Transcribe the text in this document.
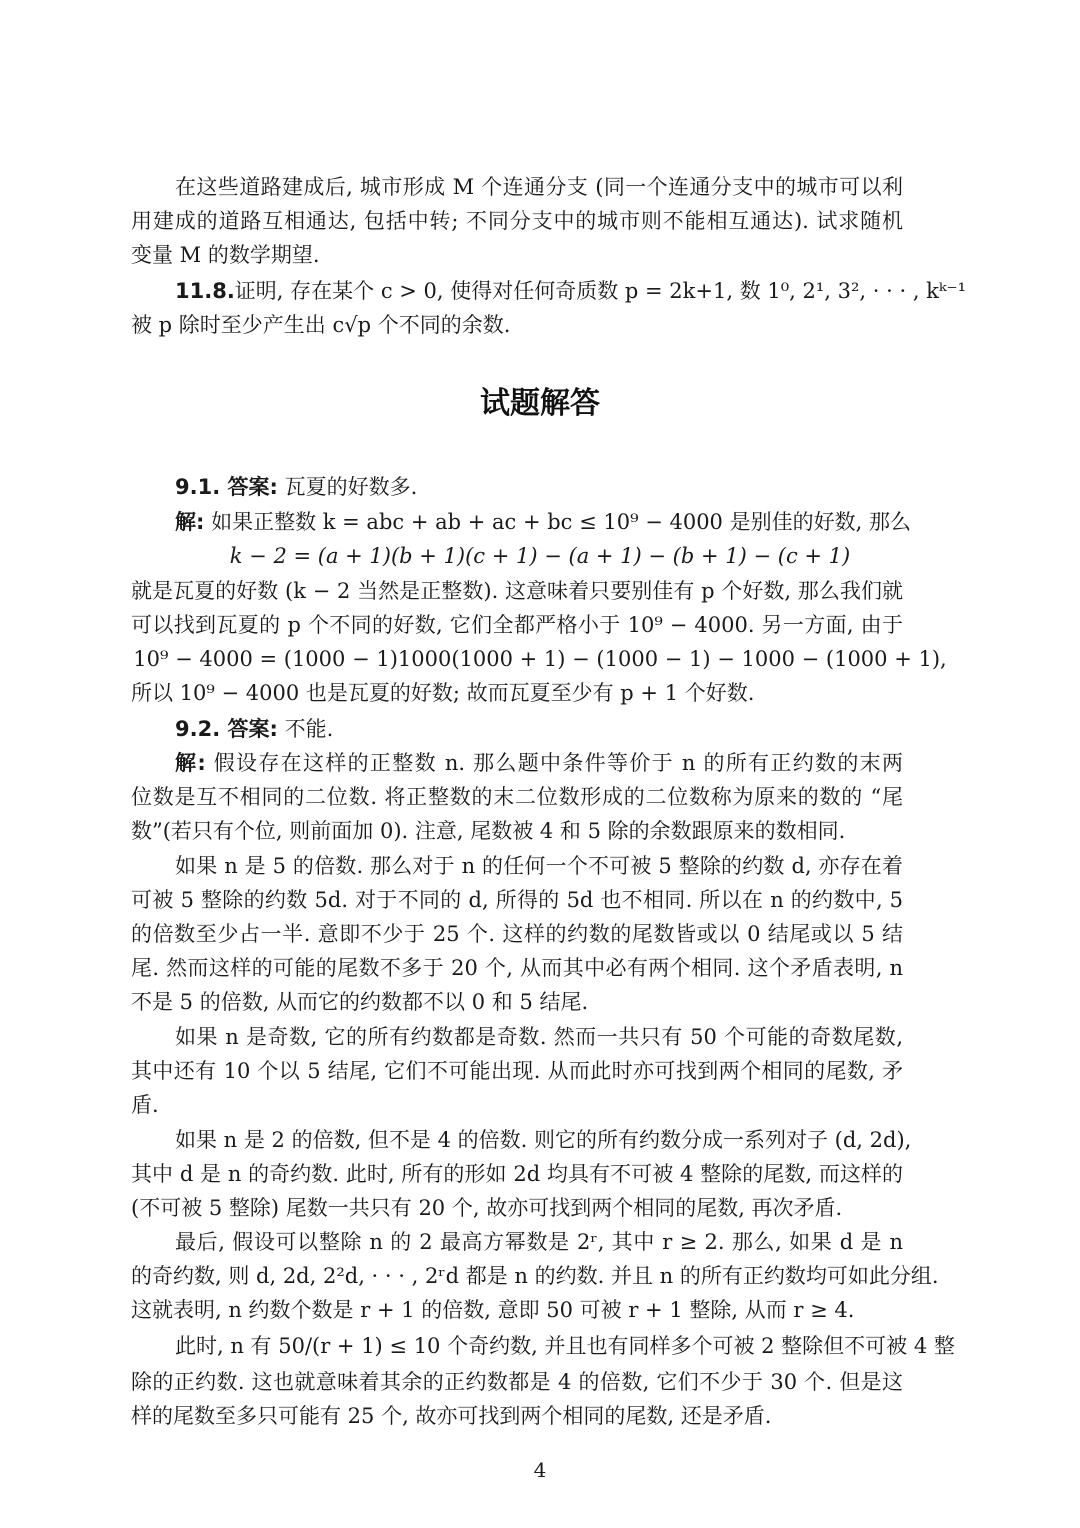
在这些道路建成后, 城市形成 M 个连通分支 (同一个连通分支中的城市可以利
用建成的道路互相通达, 包括中转; 不同分支中的城市则不能相互通达). 试求随机
变量 M 的数学期望.
11.8.证明, 存在某个 c > 0, 使得对任何奇质数 p = 2k+1, 数 1⁰, 2¹, 3², · · · , kᵏ⁻¹
被 p 除时至少产生出 c√p 个不同的余数.
试题解答
9.1. 答案: 瓦夏的好数多.
解: 如果正整数 k = abc + ab + ac + bc ≤ 10⁹ − 4000 是别佳的好数, 那么
k − 2 = (a + 1)(b + 1)(c + 1) − (a + 1) − (b + 1) − (c + 1)
就是瓦夏的好数 (k − 2 当然是正整数). 这意味着只要别佳有 p 个好数, 那么我们就
可以找到瓦夏的 p 个不同的好数, 它们全都严格小于 10⁹ − 4000. 另一方面, 由于
10⁹ − 4000 = (1000 − 1)1000(1000 + 1) − (1000 − 1) − 1000 − (1000 + 1),
所以 10⁹ − 4000 也是瓦夏的好数; 故而瓦夏至少有 p + 1 个好数.
9.2. 答案: 不能.
解: 假设存在这样的正整数 n. 那么题中条件等价于 n 的所有正约数的末两
位数是互不相同的二位数. 将正整数的末二位数形成的二位数称为原来的数的 “尾
数”(若只有个位, 则前面加 0). 注意, 尾数被 4 和 5 除的余数跟原来的数相同.
如果 n 是 5 的倍数. 那么对于 n 的任何一个不可被 5 整除的约数 d, 亦存在着
可被 5 整除的约数 5d. 对于不同的 d, 所得的 5d 也不相同. 所以在 n 的约数中, 5
的倍数至少占一半. 意即不少于 25 个. 这样的约数的尾数皆或以 0 结尾或以 5 结
尾. 然而这样的可能的尾数不多于 20 个, 从而其中必有两个相同. 这个矛盾表明, n
不是 5 的倍数, 从而它的约数都不以 0 和 5 结尾.
如果 n 是奇数, 它的所有约数都是奇数. 然而一共只有 50 个可能的奇数尾数,
其中还有 10 个以 5 结尾, 它们不可能出现. 从而此时亦可找到两个相同的尾数, 矛
盾.
如果 n 是 2 的倍数, 但不是 4 的倍数. 则它的所有约数分成一系列对子 (d, 2d),
其中 d 是 n 的奇约数. 此时, 所有的形如 2d 均具有不可被 4 整除的尾数, 而这样的
(不可被 5 整除) 尾数一共只有 20 个, 故亦可找到两个相同的尾数, 再次矛盾.
最后, 假设可以整除 n 的 2 最高方幂数是 2ʳ, 其中 r ≥ 2. 那么, 如果 d 是 n
的奇约数, 则 d, 2d, 2²d, · · · , 2ʳd 都是 n 的约数. 并且 n 的所有正约数均可如此分组.
这就表明, n 约数个数是 r + 1 的倍数, 意即 50 可被 r + 1 整除, 从而 r ≥ 4.
此时, n 有 50/(r + 1) ≤ 10 个奇约数, 并且也有同样多个可被 2 整除但不可被 4 整
除的正约数. 这也就意味着其余的正约数都是 4 的倍数, 它们不少于 30 个. 但是这
样的尾数至多只可能有 25 个, 故亦可找到两个相同的尾数, 还是矛盾.
4
